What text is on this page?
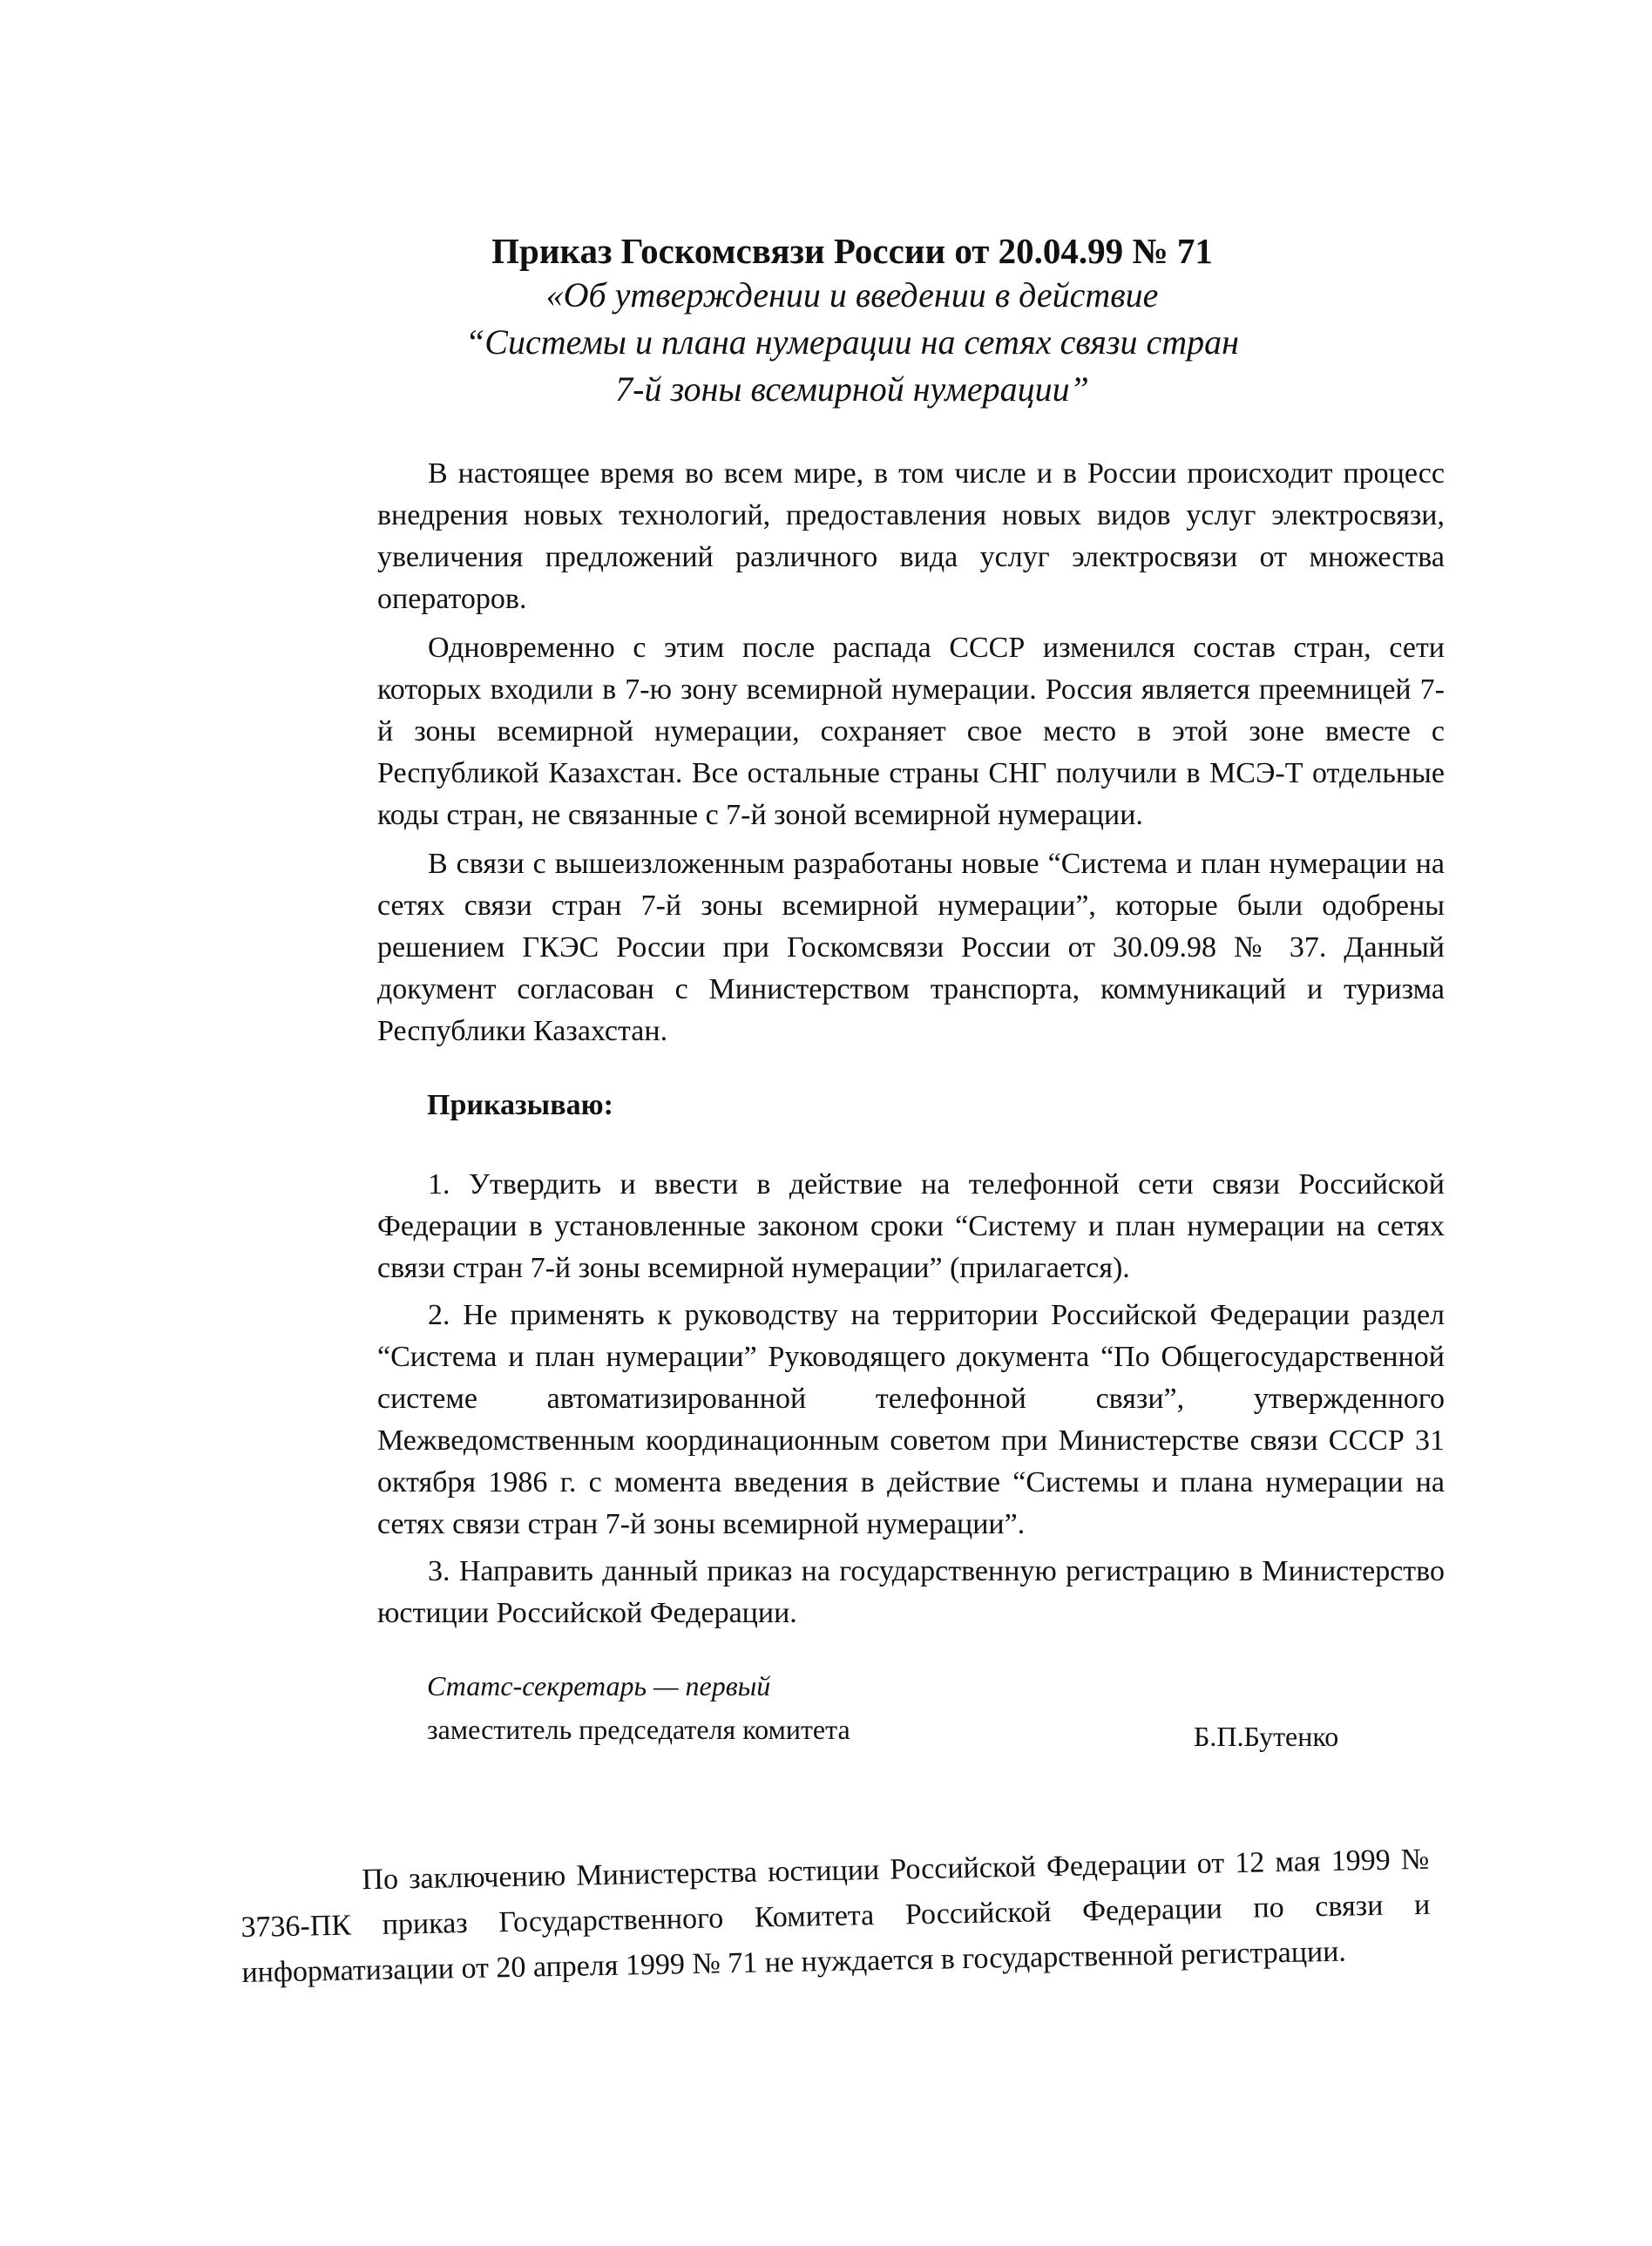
Приказ Госкомсвязи России от 20.04.99 № 71
«Об утверждении и введении в действие
“Системы и плана нумерации на сетях связи стран
7-й зоны всемирной нумерации”

В настоящее время во всем мире, в том числе и в России происходит процесс внедрения новых технологий, предоставления новых видов услуг электросвязи, увеличения предложений различного вида услуг электросвязи от множества операторов.

Одновременно с этим после распада СССР изменился состав стран, сети которых входили в 7-ю зону всемирной нумерации. Россия является преемницей 7-й зоны всемирной нумерации, сохраняет свое место в этой зоне вместе с Республикой Казахстан. Все остальные страны СНГ получили в МСЭ-Т отдельные коды стран, не связанные с 7-й зоной всемирной нумерации.

В связи с вышеизложенным разработаны новые “Система и план нумерации на сетях связи стран 7-й зоны всемирной нумерации”, которые были одобрены решением ГКЭС России при Госкомсвязи России от 30.09.98 № 37. Данный документ согласован с Министерством транспорта, коммуникаций и туризма Республики Казахстан.

Приказываю:

1. Утвердить и ввести в действие на телефонной сети связи Российской Федерации в установленные законом сроки “Систему и план нумерации на сетях связи стран 7-й зоны всемирной нумерации” (прилагается).

2. Не применять к руководству на территории Российской Федерации раздел “Система и план нумерации” Руководящего документа “По Общегосударственной системе автоматизированной телефонной связи”, утвержденного Межведомственным координационным советом при Министерстве связи СССР 31 октября 1986 г. с момента введения в действие “Системы и плана нумерации на сетях связи стран 7-й зоны всемирной нумерации”.

3. Направить данный приказ на государственную регистрацию в Министерство юстиции Российской Федерации.

Статс-секретарь — первый
заместитель председателя комитета	Б.П.Бутенко

По заключению Министерства юстиции Российской Федерации от 12 мая 1999 № 3736-ПК приказ Государственного Комитета Российской Федерации по связи и информатизации от 20 апреля 1999 № 71 не нуждается в государственной регистрации.
